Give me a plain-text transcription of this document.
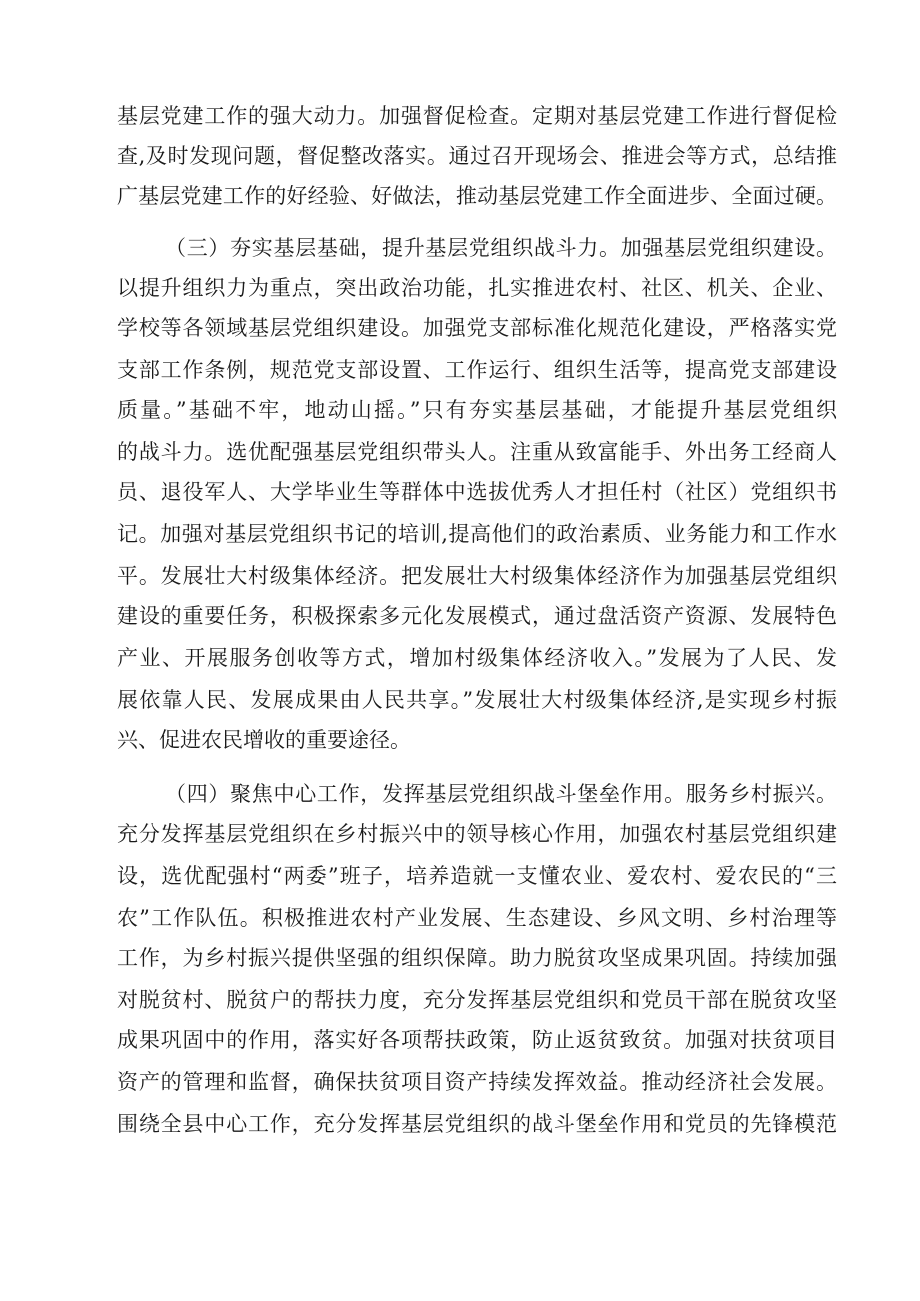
基层党建工作的强大动力。加强督促检查。定期对基层党建工作进行督促检
查,及时发现问题，督促整改落实。通过召开现场会、推进会等方式，总结推
广基层党建工作的好经验、好做法，推动基层党建工作全面进步、全面过硬。
（三）夯实基层基础，提升基层党组织战斗力。加强基层党组织建设。
以提升组织力为重点，突出政治功能，扎实推进农村、社区、机关、企业、
学校等各领域基层党组织建设。加强党支部标准化规范化建设，严格落实党
支部工作条例，规范党支部设置、工作运行、组织生活等，提高党支部建设
质量。”基础不牢，地动山摇。”只有夯实基层基础，才能提升基层党组织
的战斗力。选优配强基层党组织带头人。注重从致富能手、外出务工经商人
员、退役军人、大学毕业生等群体中选拔优秀人才担任村（社区）党组织书
记。加强对基层党组织书记的培训,提高他们的政治素质、业务能力和工作水
平。发展壮大村级集体经济。把发展壮大村级集体经济作为加强基层党组织
建设的重要任务，积极探索多元化发展模式，通过盘活资产资源、发展特色
产业、开展服务创收等方式，增加村级集体经济收入。”发展为了人民、发
展依靠人民、发展成果由人民共享。”发展壮大村级集体经济,是实现乡村振
兴、促进农民增收的重要途径。
（四）聚焦中心工作，发挥基层党组织战斗堡垒作用。服务乡村振兴。
充分发挥基层党组织在乡村振兴中的领导核心作用，加强农村基层党组织建
设，选优配强村“两委”班子，培养造就一支懂农业、爱农村、爱农民的“三
农”工作队伍。积极推进农村产业发展、生态建设、乡风文明、乡村治理等
工作，为乡村振兴提供坚强的组织保障。助力脱贫攻坚成果巩固。持续加强
对脱贫村、脱贫户的帮扶力度，充分发挥基层党组织和党员干部在脱贫攻坚
成果巩固中的作用，落实好各项帮扶政策，防止返贫致贫。加强对扶贫项目
资产的管理和监督，确保扶贫项目资产持续发挥效益。推动经济社会发展。
围绕全县中心工作，充分发挥基层党组织的战斗堡垒作用和党员的先锋模范
